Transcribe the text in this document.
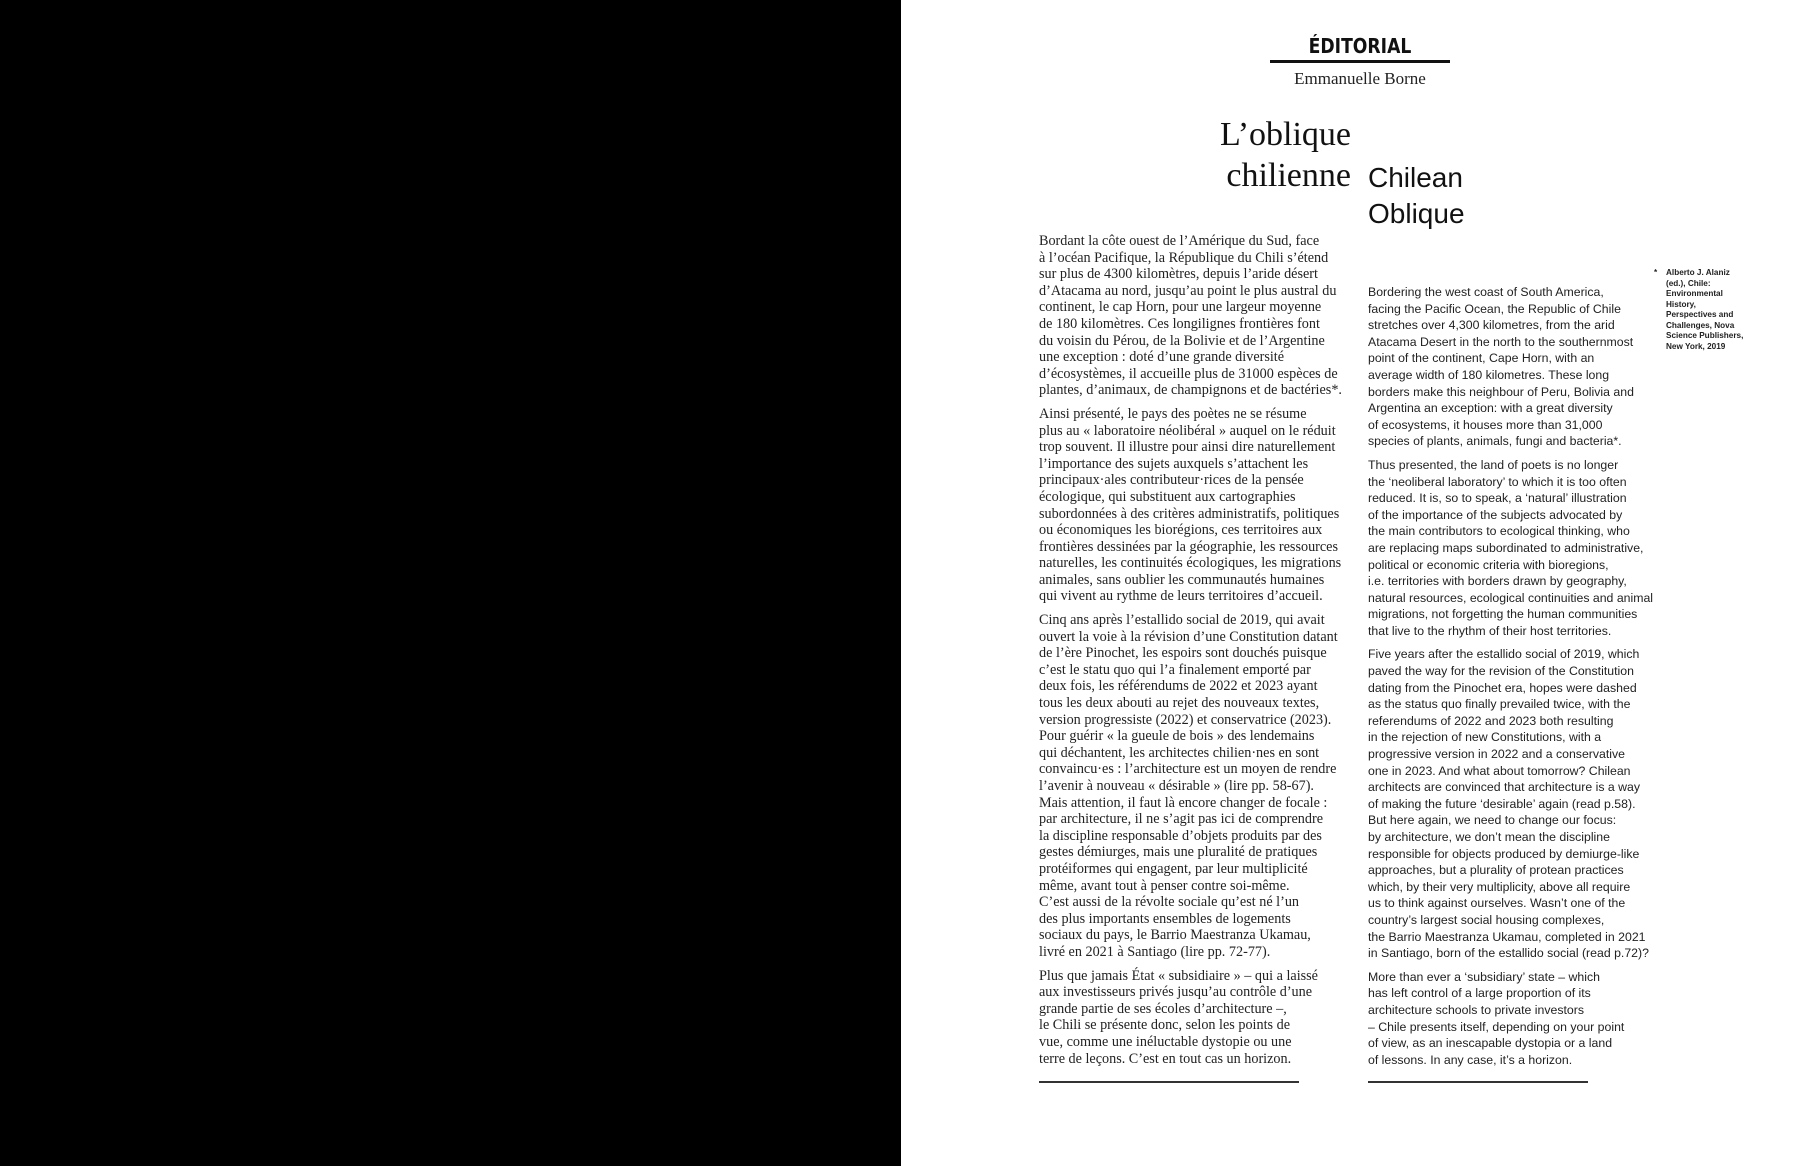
ÉDITORIAL
Emmanuelle Borne
L’oblique
chilienne Chilean
Oblique

Bordant la côte ouest de l’Amérique du Sud, face
à l’océan Pacifique, la République du Chili s’étend
sur plus de 4300 kilomètres, depuis l’aride désert
d’Atacama au nord, jusqu’au point le plus austral du
continent, le cap Horn, pour une largeur moyenne
de 180 kilomètres. Ces longilignes frontières font
du voisin du Pérou, de la Bolivie et de l’Argentine
une exception : doté d’une grande diversité
d’écosystèmes, il accueille plus de 31000 espèces de
plantes, d’animaux, de champignons et de bactéries*.

Ainsi présenté, le pays des poètes ne se résume
plus au « laboratoire néolibéral » auquel on le réduit
trop souvent. Il illustre pour ainsi dire naturellement
l’importance des sujets auxquels s’attachent les
principaux·ales contributeur·rices de la pensée
écologique, qui substituent aux cartographies
subordonnées à des critères administratifs, politiques
ou économiques les biorégions, ces territoires aux
frontières dessinées par la géographie, les ressources
naturelles, les continuités écologiques, les migrations
animales, sans oublier les communautés humaines
qui vivent au rythme de leurs territoires d’accueil.

Cinq ans après l’estallido social de 2019, qui avait
ouvert la voie à la révision d’une Constitution datant
de l’ère Pinochet, les espoirs sont douchés puisque
c’est le statu quo qui l’a finalement emporté par
deux fois, les référendums de 2022 et 2023 ayant
tous les deux abouti au rejet des nouveaux textes,
version progressiste (2022) et conservatrice (2023).
Pour guérir « la gueule de bois » des lendemains
qui déchantent, les architectes chilien·nes en sont
convaincu·es : l’architecture est un moyen de rendre
l’avenir à nouveau « désirable » (lire pp. 58-67).
Mais attention, il faut là encore changer de focale :
par architecture, il ne s’agit pas ici de comprendre
la discipline responsable d’objets produits par des
gestes démiurges, mais une pluralité de pratiques
protéiformes qui engagent, par leur multiplicité
même, avant tout à penser contre soi-même.
C’est aussi de la révolte sociale qu’est né l’un
des plus importants ensembles de logements
sociaux du pays, le Barrio Maestranza Ukamau,
livré en 2021 à Santiago (lire pp. 72-77).

Plus que jamais État « subsidiaire » – qui a laissé
aux investisseurs privés jusqu’au contrôle d’une
grande partie de ses écoles d’architecture –,
le Chili se présente donc, selon les points de
vue, comme une inéluctable dystopie ou une
terre de leçons. C’est en tout cas un horizon.

Bordering the west coast of South America,
facing the Pacific Ocean, the Republic of Chile
stretches over 4,300 kilometres, from the arid
Atacama Desert in the north to the southernmost
point of the continent, Cape Horn, with an
average width of 180 kilometres. These long
borders make this neighbour of Peru, Bolivia and
Argentina an exception: with a great diversity
of ecosystems, it houses more than 31,000
species of plants, animals, fungi and bacteria*.

Thus presented, the land of poets is no longer
the ‘neoliberal laboratory’ to which it is too often
reduced. It is, so to speak, a ‘natural’ illustration
of the importance of the subjects advocated by
the main contributors to ecological thinking, who
are replacing maps subordinated to administrative,
political or economic criteria with bioregions,
i.e. territories with borders drawn by geography,
natural resources, ecological continuities and animal
migrations, not forgetting the human communities
that live to the rhythm of their host territories.

Five years after the estallido social of 2019, which
paved the way for the revision of the Constitution
dating from the Pinochet era, hopes were dashed
as the status quo finally prevailed twice, with the
referendums of 2022 and 2023 both resulting
in the rejection of new Constitutions, with a
progressive version in 2022 and a conservative
one in 2023. And what about tomorrow? Chilean
architects are convinced that architecture is a way
of making the future ‘desirable’ again (read p.58).
But here again, we need to change our focus:
by architecture, we don’t mean the discipline
responsible for objects produced by demiurge-like
approaches, but a plurality of protean practices
which, by their very multiplicity, above all require
us to think against ourselves. Wasn’t one of the
country’s largest social housing complexes,
the Barrio Maestranza Ukamau, completed in 2021
in Santiago, born of the estallido social (read p.72)?

More than ever a ‘subsidiary’ state – which
has left control of a large proportion of its
architecture schools to private investors
– Chile presents itself, depending on your point
of view, as an inescapable dystopia or a land
of lessons. In any case, it’s a horizon.

* Alberto J. Alaniz
(ed.), Chile:
Environmental
History,
Perspectives and
Challenges, Nova
Science Publishers,
New York, 2019
